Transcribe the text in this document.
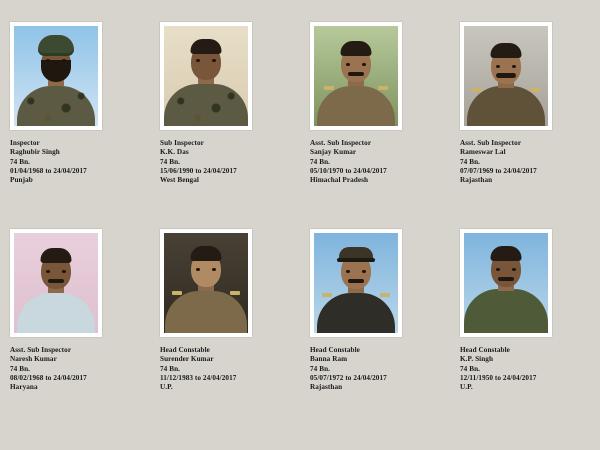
Inspector
Raghubir Singh
74 Bn.
01/04/1968 to 24/04/2017
Punjab
Sub Inspector
K.K. Das
74 Bn.
15/06/1990 to 24/04/2017
West Bengal
Asst. Sub Inspector
Sanjay Kumar
74 Bn.
05/10/1970 to 24/04/2017
Himachal Pradesh
Asst. Sub Inspector
Rameswar Lal
74 Bn.
07/07/1969 to 24/04/2017
Rajasthan
Asst. Sub Inspector
Naresh Kumar
74 Bn.
08/02/1968 to 24/04/2017
Haryana
Head Constable
Surender Kumar
74 Bn.
11/12/1983 to 24/04/2017
U.P.
Head Constable
Banna Ram
74 Bn.
05/07/1972 to 24/04/2017
Rajasthan
Head Constable
K.P. Singh
74 Bn.
12/11/1950 to 24/04/2017
U.P.
